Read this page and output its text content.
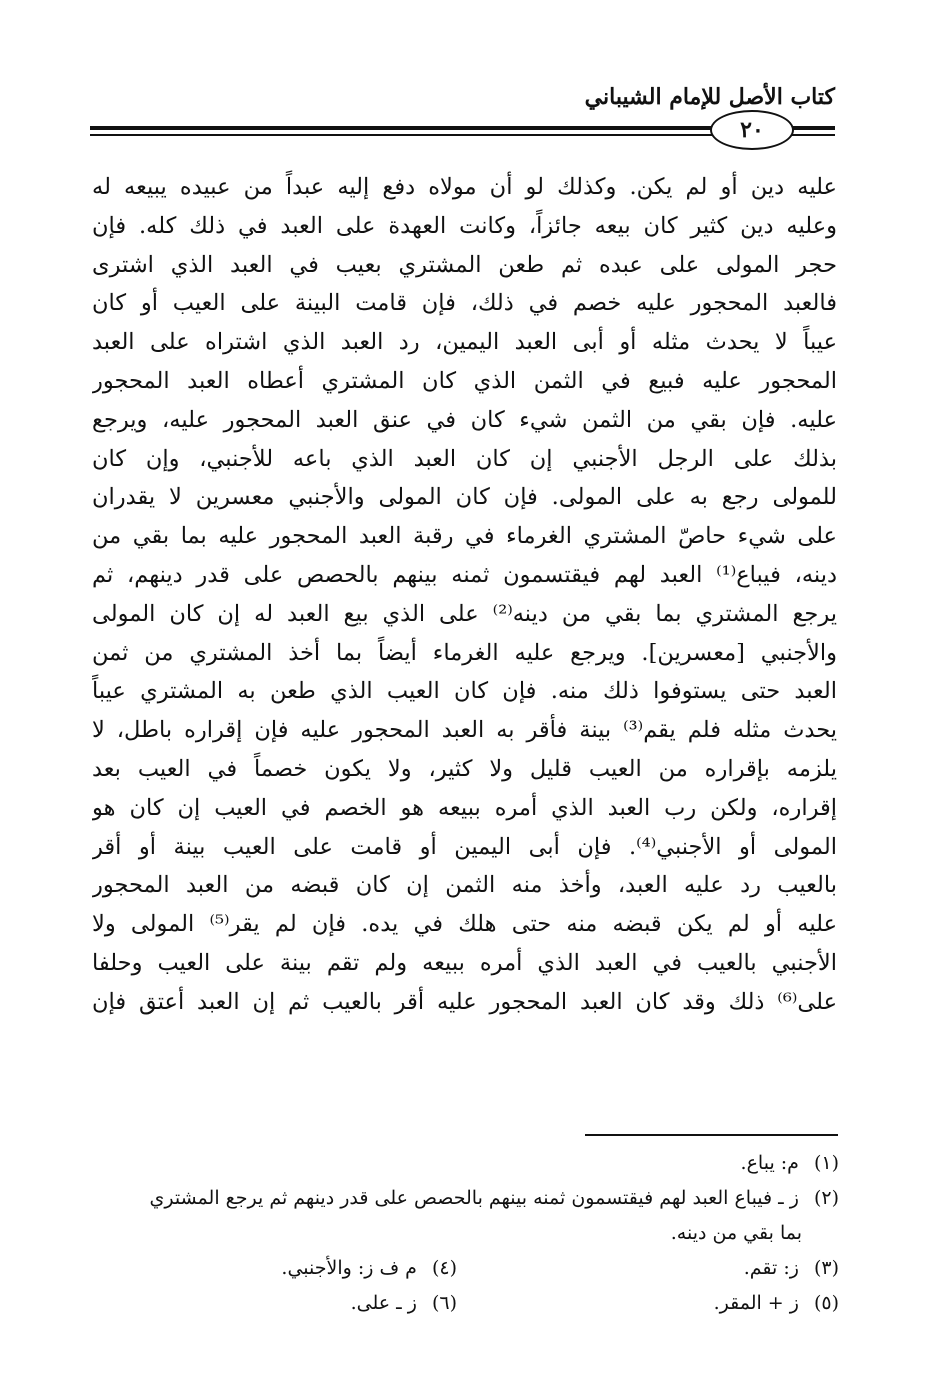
كتاب الأصل للإمام الشيباني
٢٠
عليه دين أو لم يكن. وكذلك لو أن مولاه دفع إليه عبداً من عبيده يبيعه له
وعليه دين كثير كان بيعه جائزاً، وكانت العهدة على العبد في ذلك كله. فإن
حجر المولى على عبده ثم طعن المشتري بعيب في العبد الذي اشترى
فالعبد المحجور عليه خصم في ذلك، فإن قامت البينة على العيب أو كان
عيباً لا يحدث مثله أو أبى العبد اليمين، رد العبد الذي اشتراه على العبد
المحجور عليه فبيع في الثمن الذي كان المشتري أعطاه العبد المحجور
عليه. فإن بقي من الثمن شيء كان في عنق العبد المحجور عليه، ويرجع
بذلك على الرجل الأجنبي إن كان العبد الذي باعه للأجنبي، وإن كان
للمولى رجع به على المولى. فإن كان المولى والأجنبي معسرين لا يقدران
على شيء حاصّ المشتري الغرماء في رقبة العبد المحجور عليه بما بقي من
دينه، فيباع⁽¹⁾ العبد لهم فيقتسمون ثمنه بينهم بالحصص على قدر دينهم، ثم
يرجع المشتري بما بقي من دينه⁽²⁾ على الذي بيع العبد له إن كان المولى
والأجنبي [معسرين]. ويرجع عليه الغرماء أيضاً بما أخذ المشتري من ثمن
العبد حتى يستوفوا ذلك منه. فإن كان العيب الذي طعن به المشتري عيباً
يحدث مثله فلم يقم⁽³⁾ بينة فأقر به العبد المحجور عليه فإن إقراره باطل، لا
يلزمه بإقراره من العيب قليل ولا كثير، ولا يكون خصماً في العيب بعد
إقراره، ولكن رب العبد الذي أمره ببيعه هو الخصم في العيب إن كان هو
المولى أو الأجنبي⁽⁴⁾. فإن أبى اليمين أو قامت على العيب بينة أو أقر
بالعيب رد عليه العبد، وأخذ منه الثمن إن كان قبضه من العبد المحجور
عليه أو لم يكن قبضه منه حتى هلك في يده. فإن لم يقر⁽⁵⁾ المولى ولا
الأجنبي بالعيب في العبد الذي أمره ببيعه ولم تقم بينة على العيب وحلفا
على⁽⁶⁾ ذلك وقد كان العبد المحجور عليه أقر بالعيب ثم إن العبد أعتق فإن
(١) م: يباع.
(٢) ز ـ فيباع العبد لهم فيقتسمون ثمنه بينهم بالحصص على قدر دينهم ثم يرجع المشتري
بما بقي من دينه.
(٣) ز: تقم.
(٤) م ف ز: والأجنبي.
(٥) ز + المقر.
(٦) ز ـ على.
